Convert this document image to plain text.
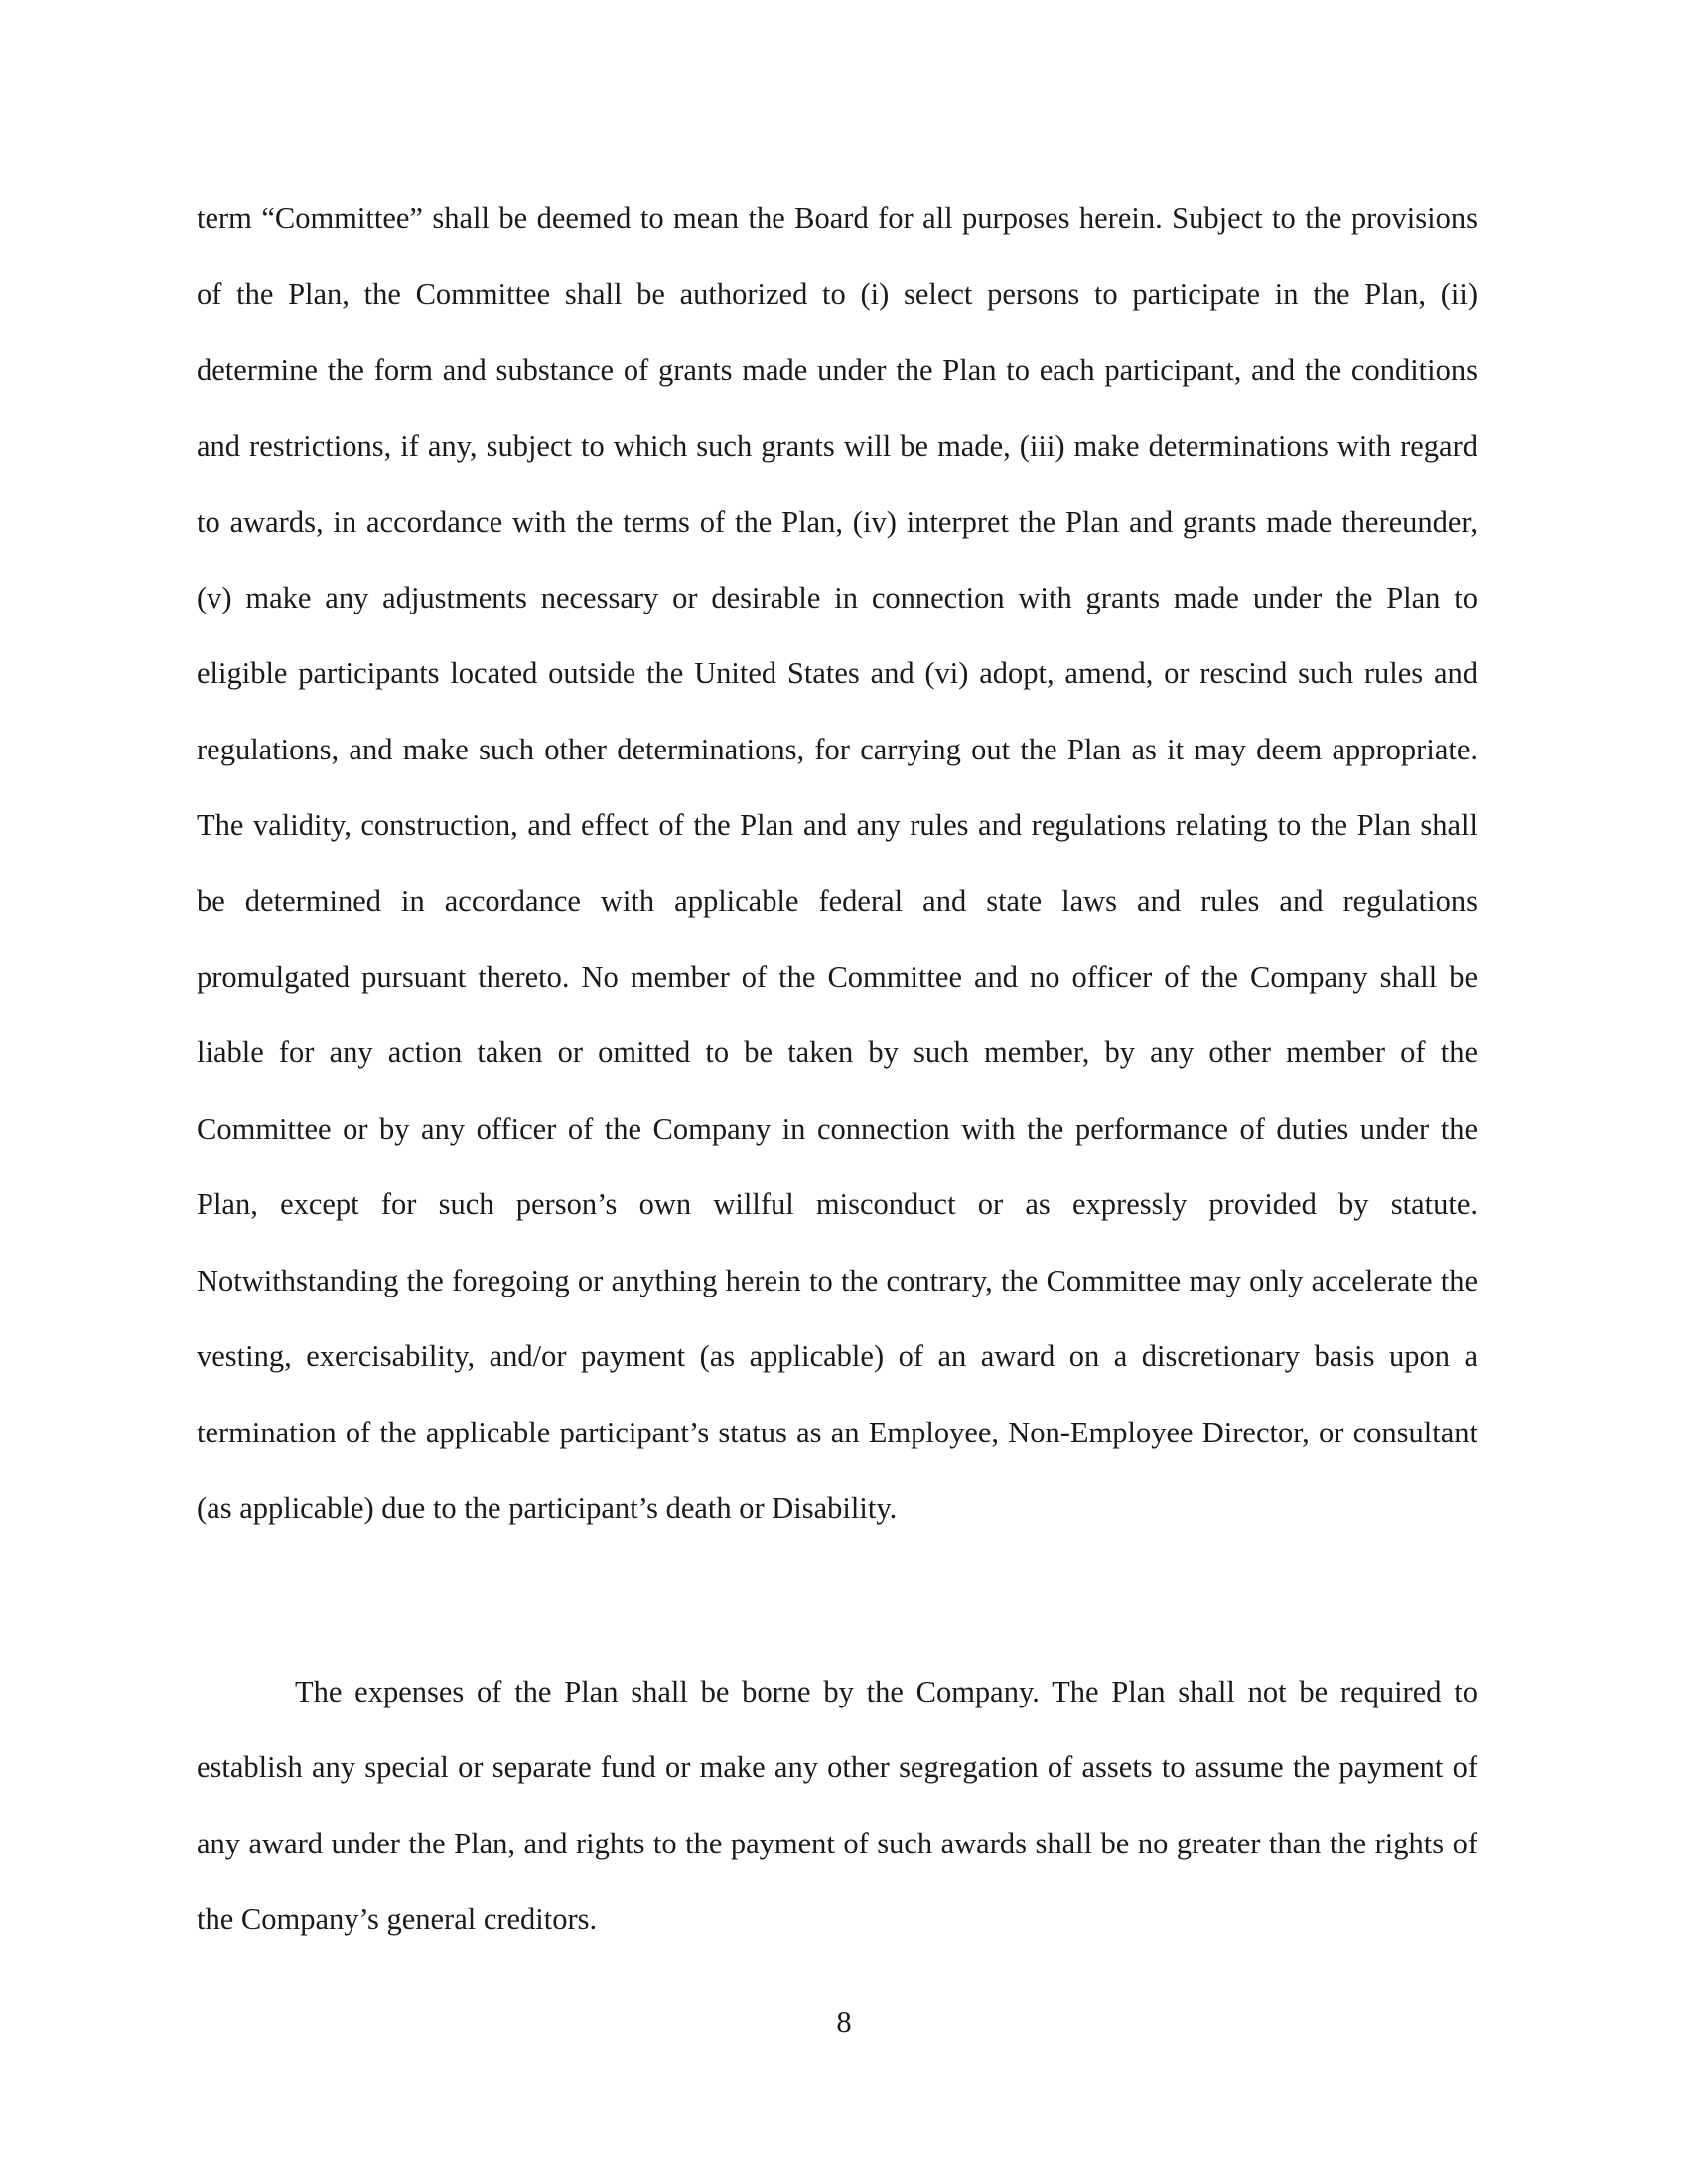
term “Committee” shall be deemed to mean the Board for all purposes herein. Subject to the provisions of the Plan, the Committee shall be authorized to (i) select persons to participate in the Plan, (ii) determine the form and substance of grants made under the Plan to each participant, and the conditions and restrictions, if any, subject to which such grants will be made, (iii) make determinations with regard to awards, in accordance with the terms of the Plan, (iv) interpret the Plan and grants made thereunder, (v) make any adjustments necessary or desirable in connection with grants made under the Plan to eligible participants located outside the United States and (vi) adopt, amend, or rescind such rules and regulations, and make such other determinations, for carrying out the Plan as it may deem appropriate. The validity, construction, and effect of the Plan and any rules and regulations relating to the Plan shall be determined in accordance with applicable federal and state laws and rules and regulations promulgated pursuant thereto. No member of the Committee and no officer of the Company shall be liable for any action taken or omitted to be taken by such member, by any other member of the Committee or by any officer of the Company in connection with the performance of duties under the Plan, except for such person’s own willful misconduct or as expressly provided by statute. Notwithstanding the foregoing or anything herein to the contrary, the Committee may only accelerate the vesting, exercisability, and/or payment (as applicable) of an award on a discretionary basis upon a termination of the applicable participant’s status as an Employee, Non-Employee Director, or consultant (as applicable) due to the participant’s death or Disability.

The expenses of the Plan shall be borne by the Company. The Plan shall not be required to establish any special or separate fund or make any other segregation of assets to assume the payment of any award under the Plan, and rights to the payment of such awards shall be no greater than the rights of the Company’s general creditors.

8
